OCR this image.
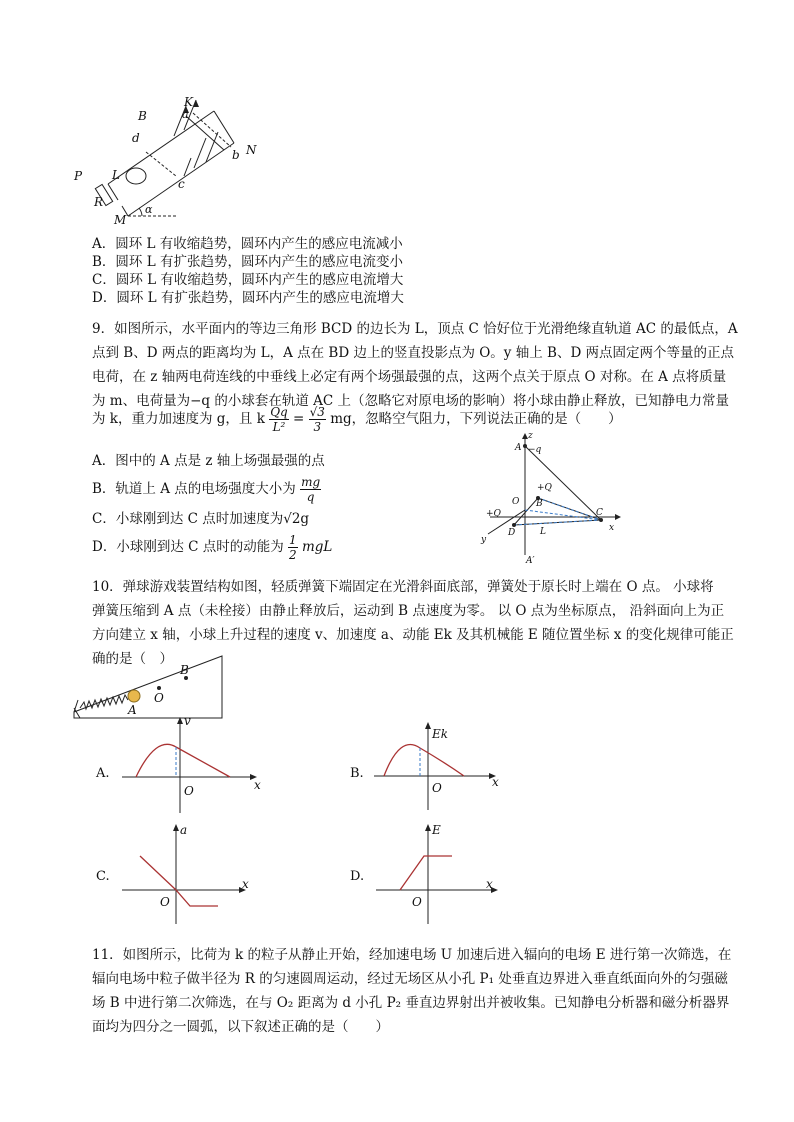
B
K
a
b N
d
P L
c
R
M
α
A．圆环 L 有收缩趋势，圆环内产生的感应电流减小
B．圆环 L 有扩张趋势，圆环内产生的感应电流变小
C．圆环 L 有收缩趋势，圆环内产生的感应电流增大
D．圆环 L 有扩张趋势，圆环内产生的感应电流增大
9．如图所示，水平面内的等边三角形 BCD 的边长为 L，顶点 C 恰好位于光滑绝缘直轨道 AC 的最低点，A
点到 B、D 两点的距离均为 L，A 点在 BD 边上的竖直投影点为 O。y 轴上 B、D 两点固定两个等量的正点
电荷，在 z 轴两电荷连线的中垂线上必定有两个场强最强的点，这两个点关于原点 O 对称。在 A 点将质量
为 m、电荷量为−q 的小球套在轨道 AC 上（忽略它对原电场的影响）将小球由静止释放，已知静电力常量
为 k，重力加速度为 g，且 k $\frac{Qq}{\text{L²}} = \frac{√3}{3}$ mg，忽略空气阻力，下列说法正确的是（　　）
A．图中的 A 点是 z 轴上场强最强的点
B．轨道上 A 点的电场强度大小为 $\frac{mg}{q}$
C．小球刚到达 C 点时加速度为√2g
D．小球刚到达 C 点时的动能为 $\frac{1}{2}$ mgL
z
A −q
+Q
B
O
+Q	C
D	L	x
y
A′
10．弹球游戏装置结构如图，轻质弹簧下端固定在光滑斜面底部，弹簧处于原长时上端在 O 点。 小球将
弹簧压缩到 A 点（未栓接）由静止释放后，运动到 B 点速度为零。 以 O 点为坐标原点， 沿斜面向上为正
方向建立 x 轴，小球上升过程的速度 v、加速度 a、动能 Ek 及其机械能 E 随位置坐标 x 的变化规律可能正
确的是（　）
A
O
B
A.
v
x
O
B.
Ek
x
O
C.
a
x
O
D.
E
x
O
11．如图所示，比荷为 k 的粒子从静止开始，经加速电场 U 加速后进入辐向的电场 E 进行第一次筛选，在
辐向电场中粒子做半径为 R 的匀速圆周运动，经过无场区从小孔 P₁ 处垂直边界进入垂直纸面向外的匀强磁
场 B 中进行第二次筛选，在与 O₂ 距离为 d 小孔 P₂ 垂直边界射出并被收集。已知静电分析器和磁分析器界
面均为四分之一圆弧，以下叙述正确的是（　　）
